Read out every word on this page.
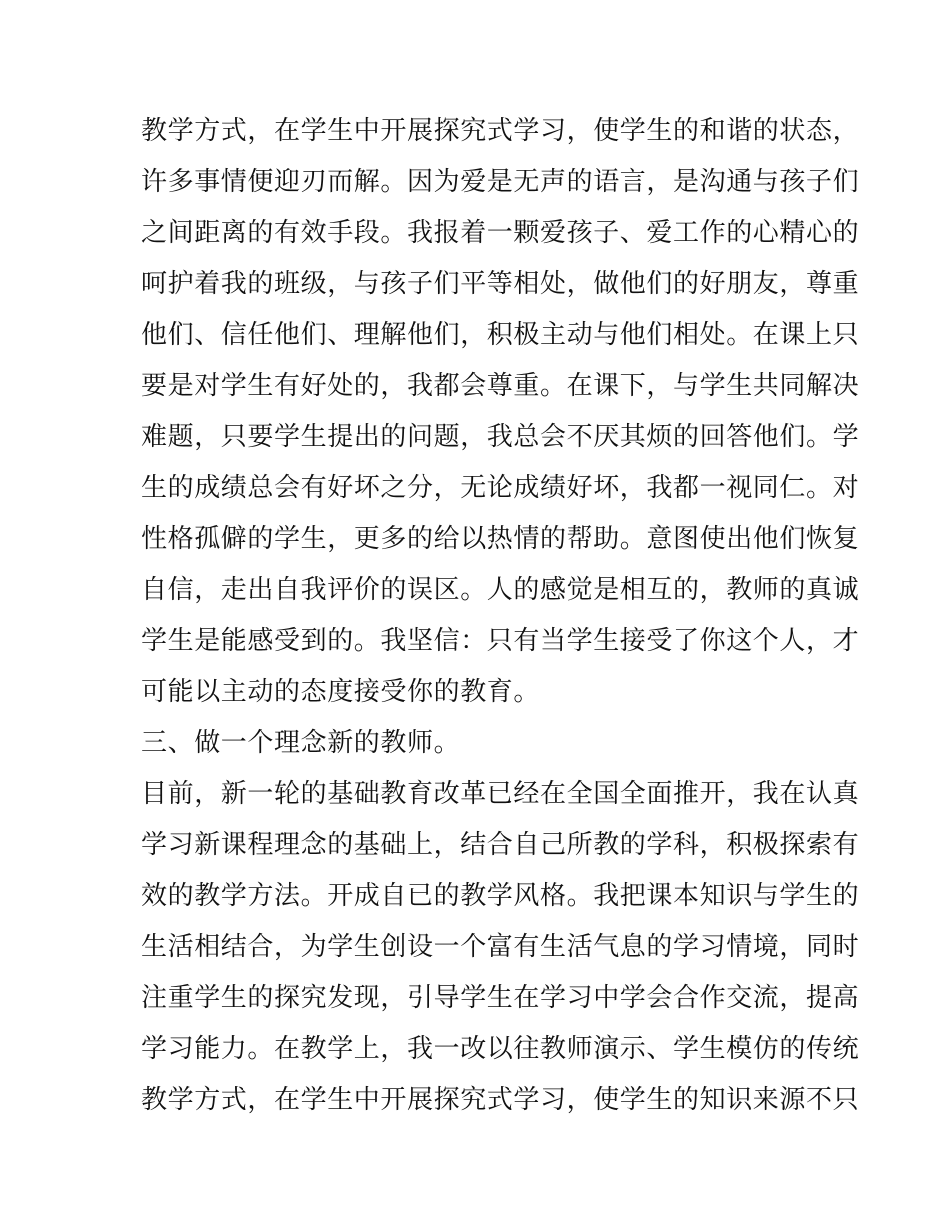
教学方式，在学生中开展探究式学习，使学生的和谐的状态，
许多事情便迎刃而解。因为爱是无声的语言，是沟通与孩子们
之间距离的有效手段。我报着一颗爱孩子、爱工作的心精心的
呵护着我的班级，与孩子们平等相处，做他们的好朋友，尊重
他们、信任他们、理解他们，积极主动与他们相处。在课上只
要是对学生有好处的，我都会尊重。在课下，与学生共同解决
难题，只要学生提出的问题，我总会不厌其烦的回答他们。学
生的成绩总会有好坏之分，无论成绩好坏，我都一视同仁。对
性格孤僻的学生，更多的给以热情的帮助。意图使出他们恢复
自信，走出自我评价的误区。人的感觉是相互的，教师的真诚
学生是能感受到的。我坚信：只有当学生接受了你这个人，才
可能以主动的态度接受你的教育。
三、做一个理念新的教师。
目前，新一轮的基础教育改革已经在全国全面推开，我在认真
学习新课程理念的基础上，结合自己所教的学科，积极探索有
效的教学方法。开成自已的教学风格。我把课本知识与学生的
生活相结合，为学生创设一个富有生活气息的学习情境，同时
注重学生的探究发现，引导学生在学习中学会合作交流，提高
学习能力。在教学上，我一改以往教师演示、学生模仿的传统
教学方式，在学生中开展探究式学习，使学生的知识来源不只
